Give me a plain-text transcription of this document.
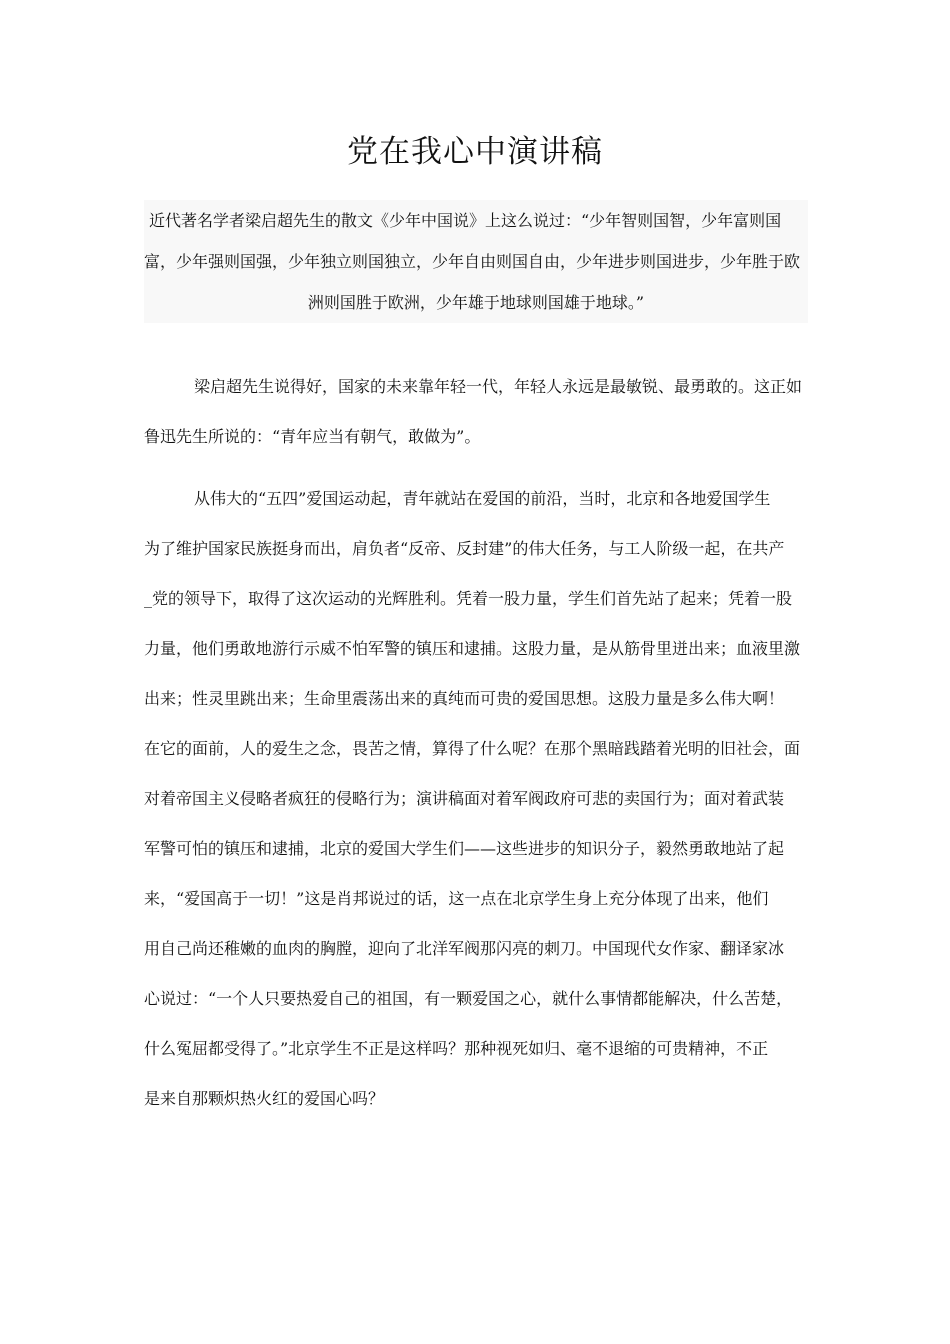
党在我心中演讲稿
近代著名学者梁启超先生的散文《少年中国说》上这么说过：“少年智则国智，少年富则国
富，少年强则国强，少年独立则国独立，少年自由则国自由，少年进步则国进步，少年胜于欧
洲则国胜于欧洲，少年雄于地球则国雄于地球。”
梁启超先生说得好，国家的未来靠年轻一代，年轻人永远是最敏锐、最勇敢的。这正如
鲁迅先生所说的：“青年应当有朝气，敢做为”。
从伟大的“五四”爱国运动起，青年就站在爱国的前沿，当时，北京和各地爱国学生
为了维护国家民族挺身而出，肩负者“反帝、反封建”的伟大任务，与工人阶级一起，在共产
_党的领导下，取得了这次运动的光辉胜利。凭着一股力量，学生们首先站了起来；凭着一股
力量，他们勇敢地游行示威不怕军警的镇压和逮捕。这股力量，是从筋骨里迸出来；血液里激
出来；性灵里跳出来；生命里震荡出来的真纯而可贵的爱国思想。这股力量是多么伟大啊！
在它的面前，人的爱生之念，畏苦之情，算得了什么呢？在那个黑暗践踏着光明的旧社会，面
对着帝国主义侵略者疯狂的侵略行为；演讲稿面对着军阀政府可悲的卖国行为；面对着武装
军警可怕的镇压和逮捕，北京的爱国大学生们——这些进步的知识分子，毅然勇敢地站了起
来，“爱国高于一切！”这是肖邦说过的话，这一点在北京学生身上充分体现了出来，他们
用自己尚还稚嫩的血肉的胸膛，迎向了北洋军阀那闪亮的刺刀。中国现代女作家、翻译家冰
心说过：“一个人只要热爱自己的祖国，有一颗爱国之心，就什么事情都能解决，什么苦楚，
什么冤屈都受得了。”北京学生不正是这样吗？那种视死如归、毫不退缩的可贵精神，不正
是来自那颗炽热火红的爱国心吗？
